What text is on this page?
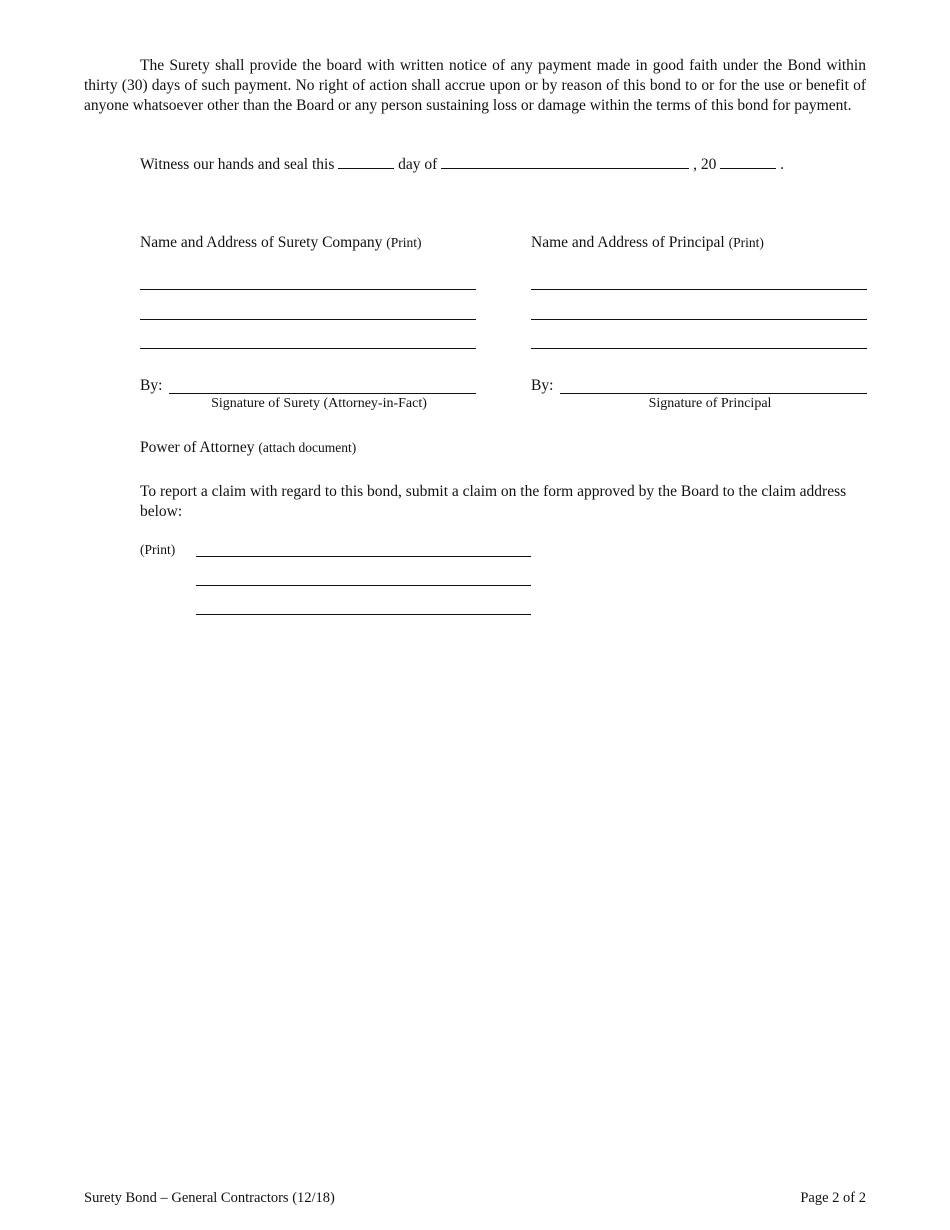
The Surety shall provide the board with written notice of any payment made in good faith under the Bond within thirty (30) days of such payment. No right of action shall accrue upon or by reason of this bond to or for the use or benefit of anyone whatsoever other than the Board or any person sustaining loss or damage within the terms of this bond for payment.
Witness our hands and seal this	day of	, 20	.
Name and Address of Surety Company (Print)	Name and Address of Principal (Print)
By:
Signature of Surety (Attorney-in-Fact)
By:
Signature of Principal
Power of Attorney (attach document)
To report a claim with regard to this bond, submit a claim on the form approved by the Board to the claim address below:
(Print)
Surety Bond – General Contractors (12/18)	Page 2 of 2
